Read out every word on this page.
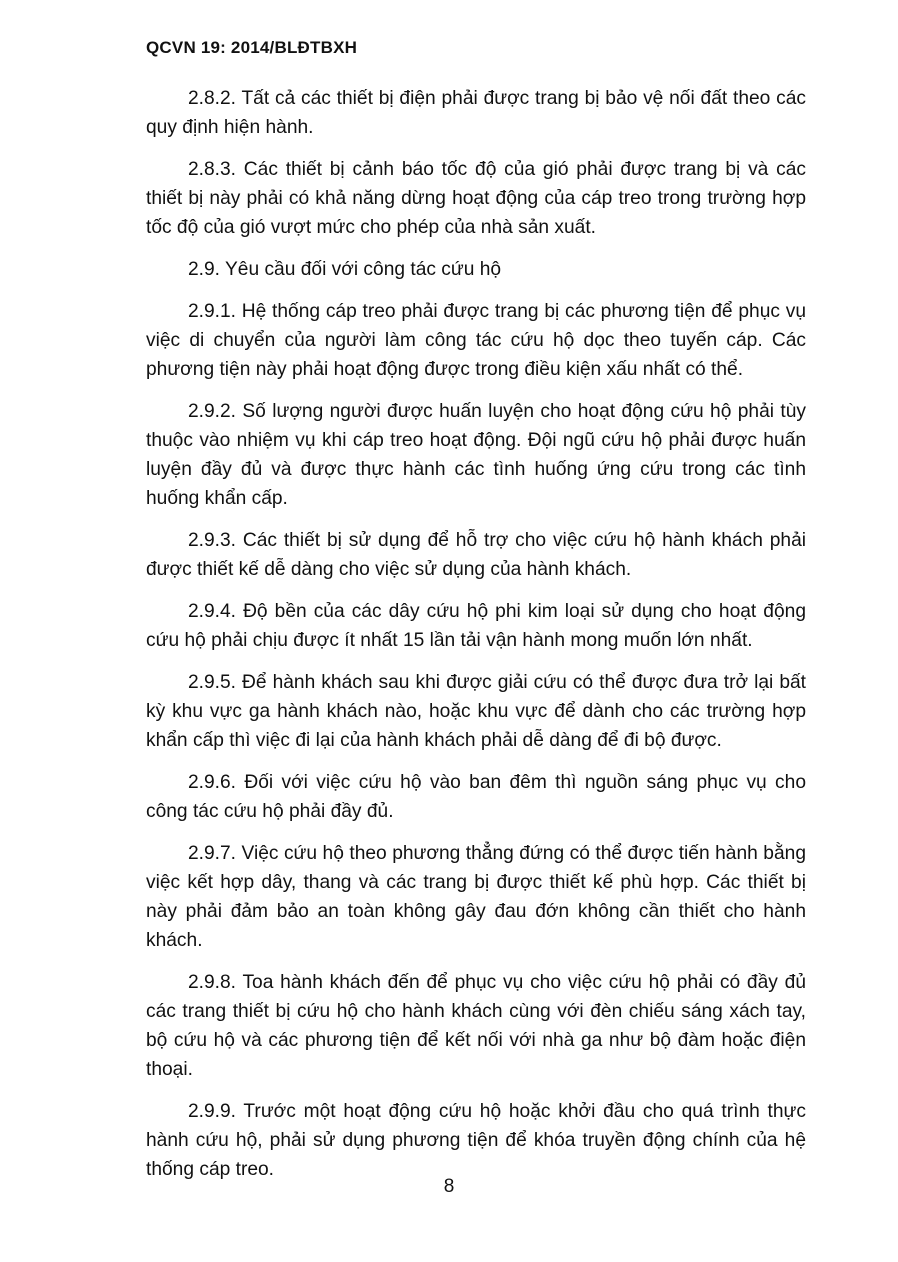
QCVN 19: 2014/BLĐTBXH

2.8.2. Tất cả các thiết bị điện phải được trang bị bảo vệ nối đất theo các quy định hiện hành.

2.8.3. Các thiết bị cảnh báo tốc độ của gió phải được trang bị và các thiết bị này phải có khả năng dừng hoạt động của cáp treo trong trường hợp tốc độ của gió vượt mức cho phép của nhà sản xuất.

2.9. Yêu cầu đối với công tác cứu hộ

2.9.1. Hệ thống cáp treo phải được trang bị các phương tiện để phục vụ việc di chuyển của người làm công tác cứu hộ dọc theo tuyến cáp. Các phương tiện này phải hoạt động được trong điều kiện xấu nhất có thể.

2.9.2. Số lượng người được huấn luyện cho hoạt động cứu hộ phải tùy thuộc vào nhiệm vụ khi cáp treo hoạt động. Đội ngũ cứu hộ phải được huấn luyện đầy đủ và được thực hành các tình huống ứng cứu trong các tình huống khẩn cấp.

2.9.3. Các thiết bị sử dụng để hỗ trợ cho việc cứu hộ hành khách phải được thiết kế dễ dàng cho việc sử dụng của hành khách.

2.9.4. Độ bền của các dây cứu hộ phi kim loại sử dụng cho hoạt động cứu hộ phải chịu được ít nhất 15 lần tải vận hành mong muốn lớn nhất.

2.9.5. Để hành khách sau khi được giải cứu có thể được đưa trở lại bất kỳ khu vực ga hành khách nào, hoặc khu vực để dành cho các trường hợp khẩn cấp thì việc đi lại của hành khách phải dễ dàng để đi bộ được.

2.9.6. Đối với việc cứu hộ vào ban đêm thì nguồn sáng phục vụ cho công tác cứu hộ phải đầy đủ.

2.9.7. Việc cứu hộ theo phương thẳng đứng có thể được tiến hành bằng việc kết hợp dây, thang và các trang bị được thiết kế phù hợp. Các thiết bị này phải đảm bảo an toàn không gây đau đớn không cần thiết cho hành khách.

2.9.8. Toa hành khách đến để phục vụ cho việc cứu hộ phải có đầy đủ các trang thiết bị cứu hộ cho hành khách cùng với đèn chiếu sáng xách tay, bộ cứu hộ và các phương tiện để kết nối với nhà ga như bộ đàm hoặc điện thoại.

2.9.9. Trước một hoạt động cứu hộ hoặc khởi đầu cho quá trình thực hành cứu hộ, phải sử dụng phương tiện để khóa truyền động chính của hệ thống cáp treo.

8
